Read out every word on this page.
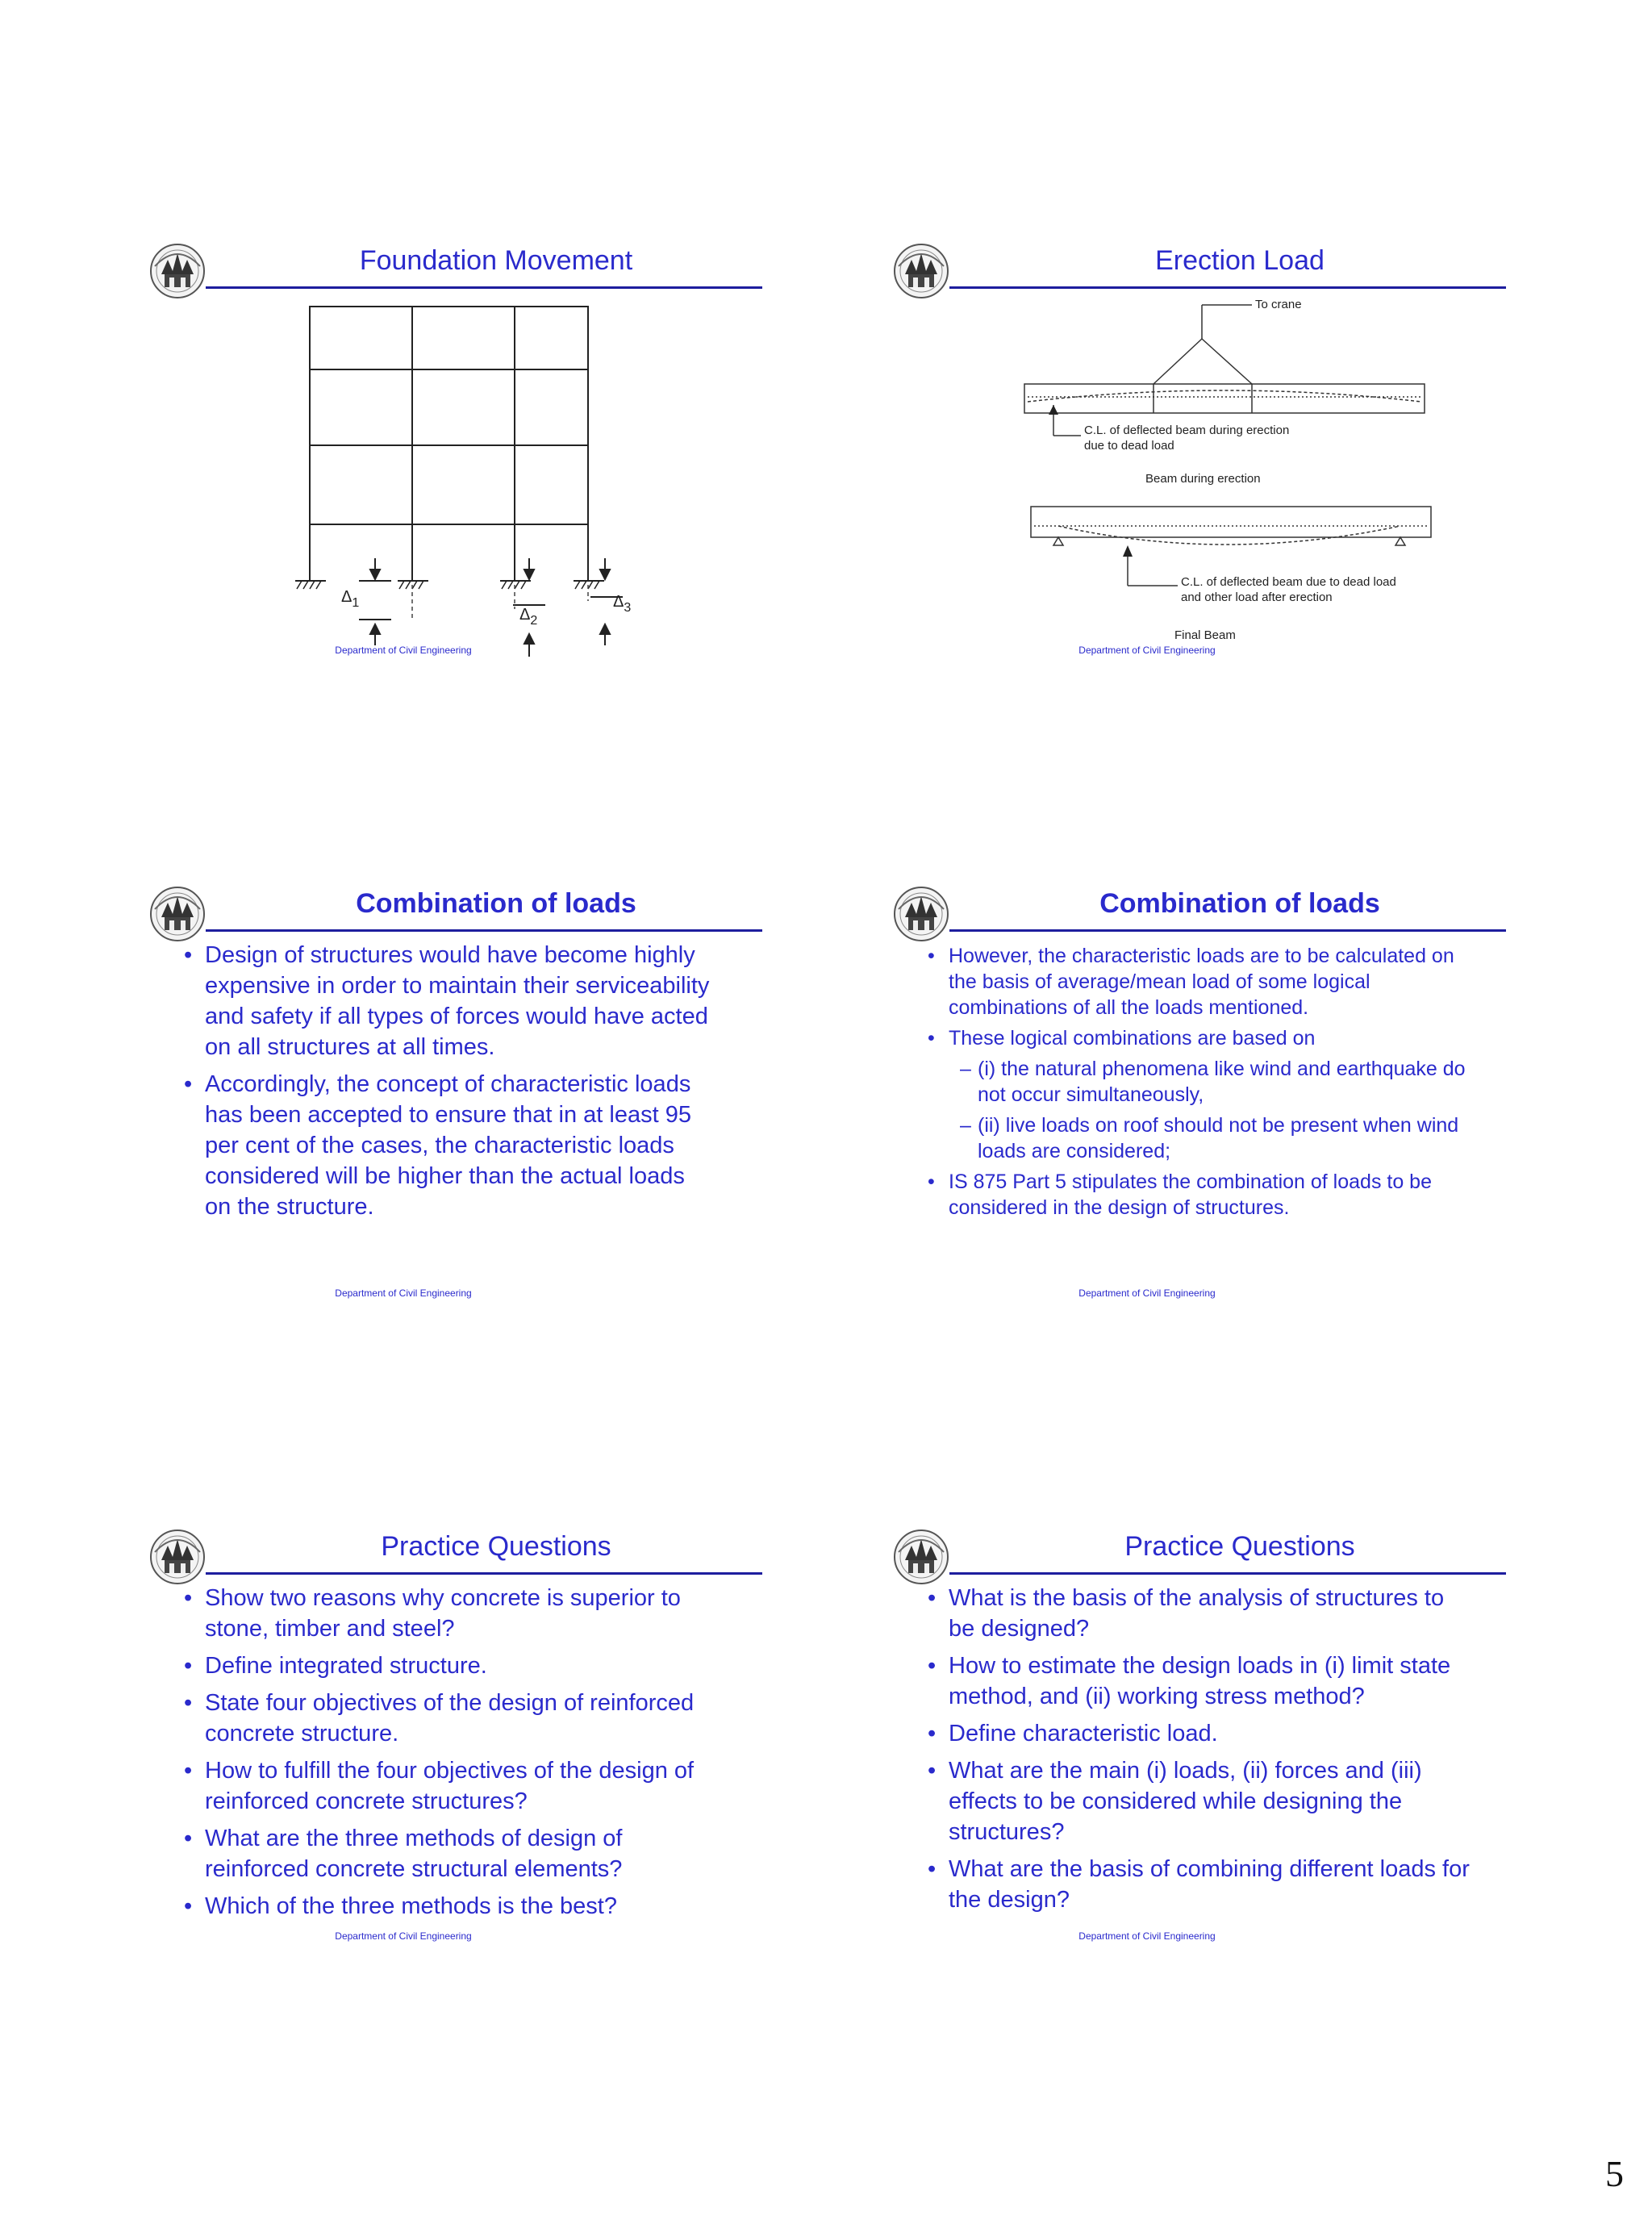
Foundation Movement
$\Delta_1$
$\Delta_2$
$\Delta_3$
Department of Civil Engineering
Erection Load
To crane
C.L. of deflected beam during erection
due to dead load
Beam during erection
C.L. of deflected beam due to dead load
and other load after erection
Final Beam
Department of Civil Engineering
Combination of loads
• Design of structures would have become highly expensive in order to maintain their serviceability and safety if all types of forces would have acted on all structures at all times.
• Accordingly, the concept of characteristic loads has been accepted to ensure that in at least 95 per cent of the cases, the characteristic loads considered will be higher than the actual loads on the structure.
Department of Civil Engineering
Combination of loads
• However, the characteristic loads are to be calculated on the basis of average/mean load of some logical combinations of all the loads mentioned.
• These logical combinations are based on
– (i) the natural phenomena like wind and earthquake do not occur simultaneously,
– (ii) live loads on roof should not be present when wind loads are considered;
• IS 875 Part 5 stipulates the combination of loads to be considered in the design of structures.
Department of Civil Engineering
Practice Questions
• Show two reasons why concrete is superior to stone, timber and steel?
• Define integrated structure.
• State four objectives of the design of reinforced concrete structure.
• How to fulfill the four objectives of the design of reinforced concrete structures?
• What are the three methods of design of reinforced concrete structural elements?
• Which of the three methods is the best?
Department of Civil Engineering
Practice Questions
• What is the basis of the analysis of structures to be designed?
• How to estimate the design loads in (i) limit state method, and (ii) working stress method?
• Define characteristic load.
• What are the main (i) loads, (ii) forces and (iii) effects to be considered while designing the structures?
• What are the basis of combining different loads for the design?
Department of Civil Engineering
5
